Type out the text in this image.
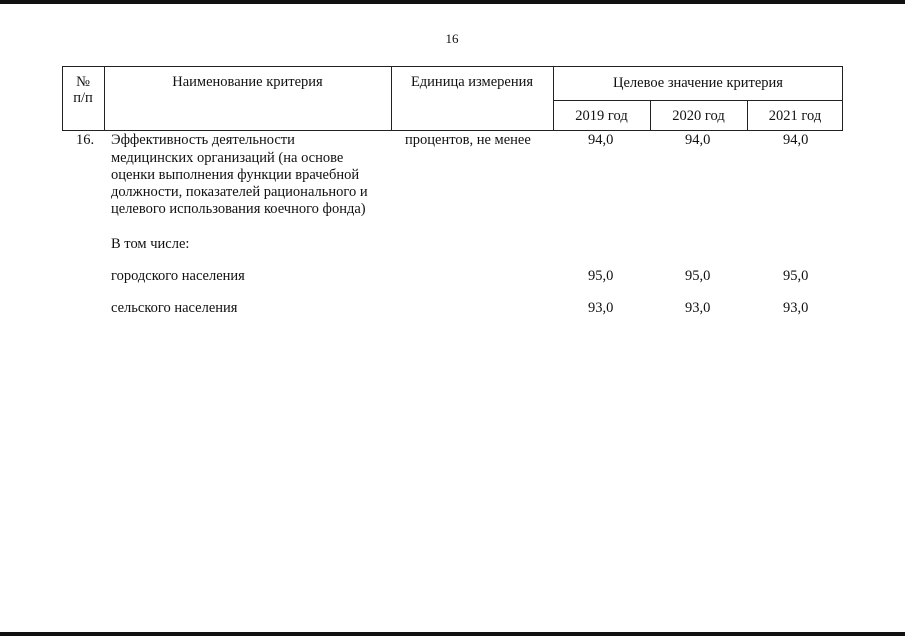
16
№
п/п
Наименование критерия	Единица измерения	Целевое значение критерия
2019 год	2020 год	2021 год
16. Эффективность деятельности
медицинских организаций (на основе
оценки выполнения функции врачебной
должности, показателей рационального и
целевого использования коечного фонда)
процентов, не менее	94,0	94,0	94,0
В том числе:
городского населения	95,0	95,0	95,0
сельского населения	93,0	93,0	93,0
